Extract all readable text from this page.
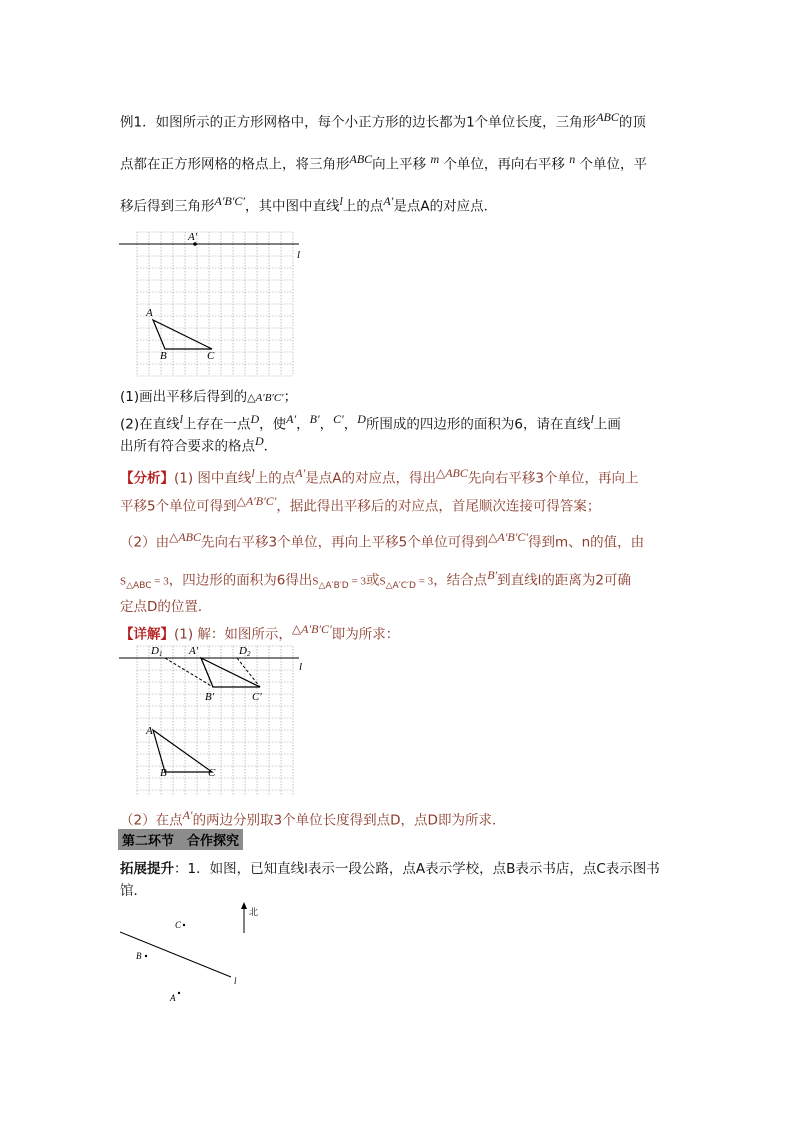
例1．如图所示的正方形网格中，每个小正方形的边长都为1个单位长度，三角形ABC的顶
点都在正方形网格的格点上，将三角形ABC向上平移 m 个单位，再向右平移 n 个单位，平
移后得到三角形A′B′C′，其中图中直线l上的点A′是点A的对应点．
A′
l
A
B	C
(1)画出平移后得到的△A′B′C′；
(2)在直线l上存在一点D，使A′，B′，C′，D所围成的四边形的面积为6，请在直线l上画
出所有符合要求的格点D．
【分析】(1) 图中直线l上的点A′是点A的对应点，得出△ABC先向右平移3个单位，再向上
平移5个单位可得到△A′B′C′，据此得出平移后的对应点，首尾顺次连接可得答案；
（2）由△ABC先向右平移3个单位，再向上平移5个单位可得到△A′B′C′得到m、n的值，由
$S_{\triangle ABC} = 3$，四边形的面积为6得出$S_{\triangle A'B'D} = 3$或$S_{\triangle A'C'D} = 3$，结合点B′到直线l的距离为2可确
定点D的位置．
【详解】(1) 解：如图所示，△A′B′C′即为所求：
D1 A′	D2
l
B′	C′
A
B	C
（2）在点A′的两边分别取3个单位长度得到点D，点D即为所求．
第二环节　合作探究
拓展提升：1．如图，已知直线l表示一段公路，点A表示学校，点B表示书店，点C表示图书
馆．
l
C
B
A
北
